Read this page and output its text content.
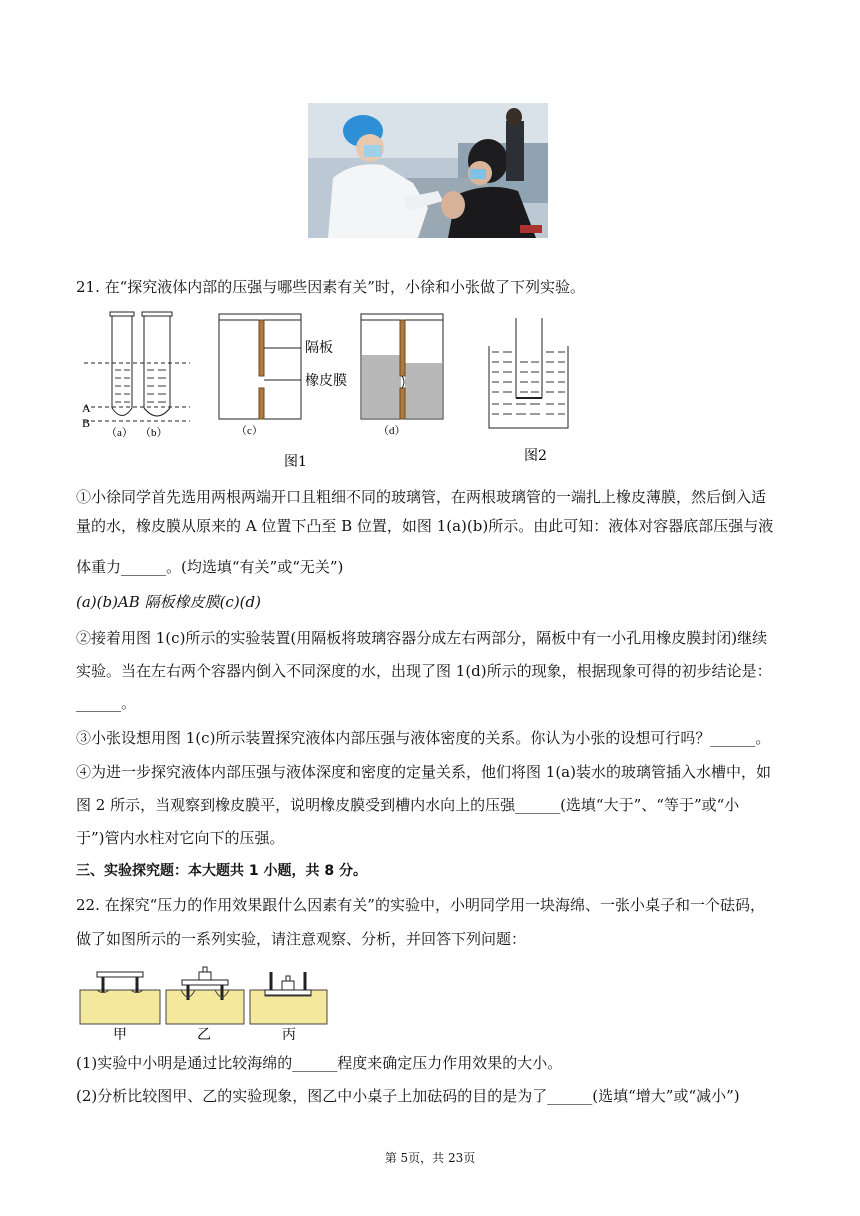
21. 在“探究液体内部的压强与哪些因素有关”时，小徐和小张做了下列实验。
A
B
（a） （b）
隔板
橡皮膜
（c）	（d）
图1	图2
①小徐同学首先选用两根两端开口且粗细不同的玻璃管，在两根玻璃管的一端扎上橡皮薄膜，然后倒入适
量的水，橡皮膜从原来的 A 位置下凸至 B 位置，如图 1(a)(b)所示。由此可知：液体对容器底部压强与液
体重力______。(均选填“有关”或“无关”)
(a)(b)AB 隔板橡皮膜(c)(d)
②接着用图 1(c)所示的实验装置(用隔板将玻璃容器分成左右两部分，隔板中有一小孔用橡皮膜封闭)继续
实验。当在左右两个容器内倒入不同深度的水，出现了图 1(d)所示的现象，根据现象可得的初步结论是：
______。
③小张设想用图 1(c)所示装置探究液体内部压强与液体密度的关系。你认为小张的设想可行吗？______。
④为进一步探究液体内部压强与液体深度和密度的定量关系，他们将图 1(a)装水的玻璃管插入水槽中，如
图 2 所示，当观察到橡皮膜平，说明橡皮膜受到槽内水向上的压强______(选填“大于”、“等于”或“小
于”)管内水柱对它向下的压强。
三、实验探究题：本大题共 1 小题，共 8 分。
22. 在探究“压力的作用效果跟什么因素有关”的实验中，小明同学用一块海绵、一张小桌子和一个砝码，
做了如图所示的一系列实验，请注意观察、分析，并回答下列问题：
甲	乙	丙
(1)实验中小明是通过比较海绵的______程度来确定压力作用效果的大小。
(2)分析比较图甲、乙的实验现象，图乙中小桌子上加砝码的目的是为了______(选填“增大”或“减小”)
第 5页，共 23页
